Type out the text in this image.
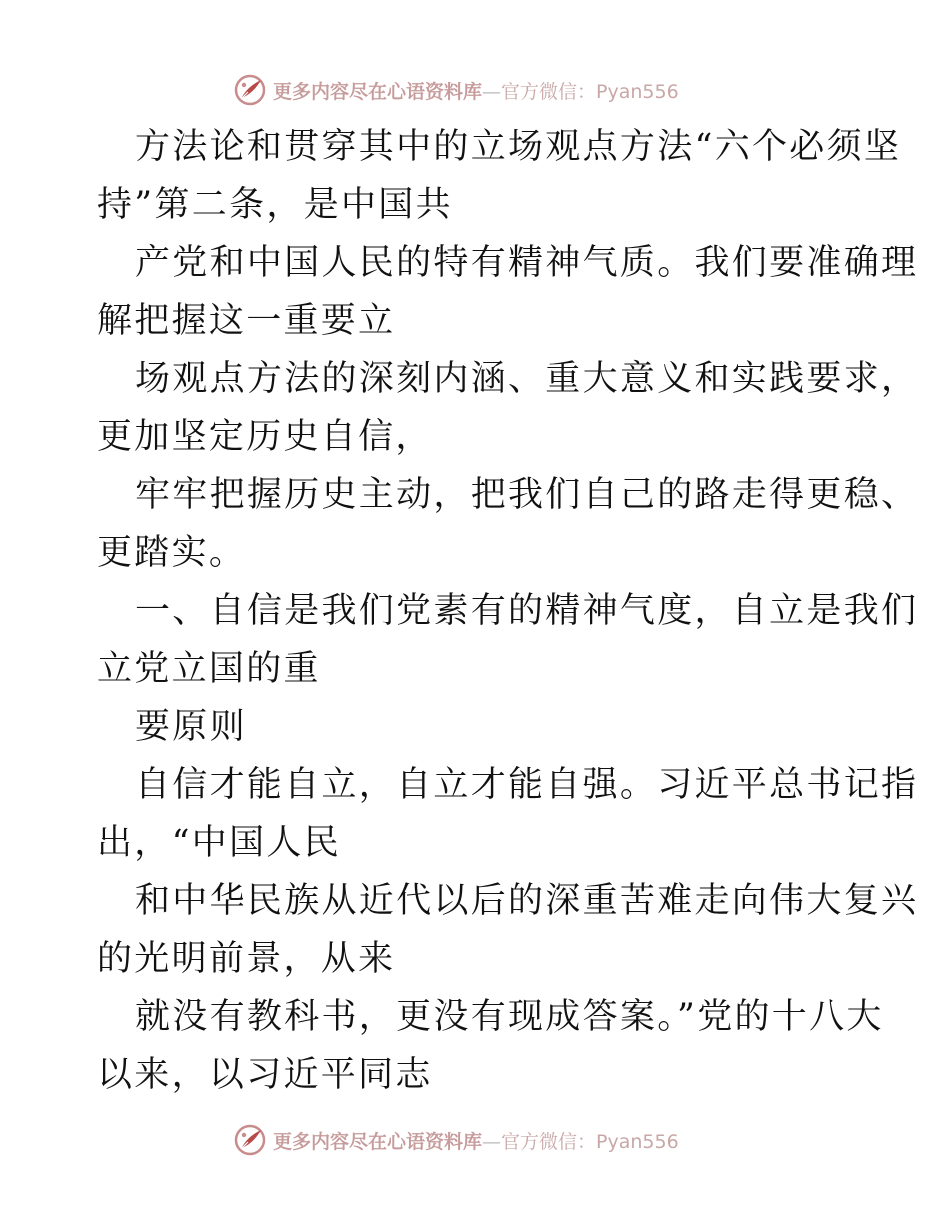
更多内容尽在心语资料库—官方微信：Pyan556
方法论和贯穿其中的立场观点方法“六个必须坚
持”第二条，是中国共
产党和中国人民的特有精神气质。我们要准确理
解把握这一重要立
场观点方法的深刻内涵、重大意义和实践要求，
更加坚定历史自信，
牢牢把握历史主动，把我们自己的路走得更稳、
更踏实。
一、自信是我们党素有的精神气度，自立是我们
立党立国的重
要原则
自信才能自立，自立才能自强。习近平总书记指
出，“中国人民
和中华民族从近代以后的深重苦难走向伟大复兴
的光明前景，从来
就没有教科书，更没有现成答案。”党的十八大
以来，以习近平同志
更多内容尽在心语资料库—官方微信：Pyan556
